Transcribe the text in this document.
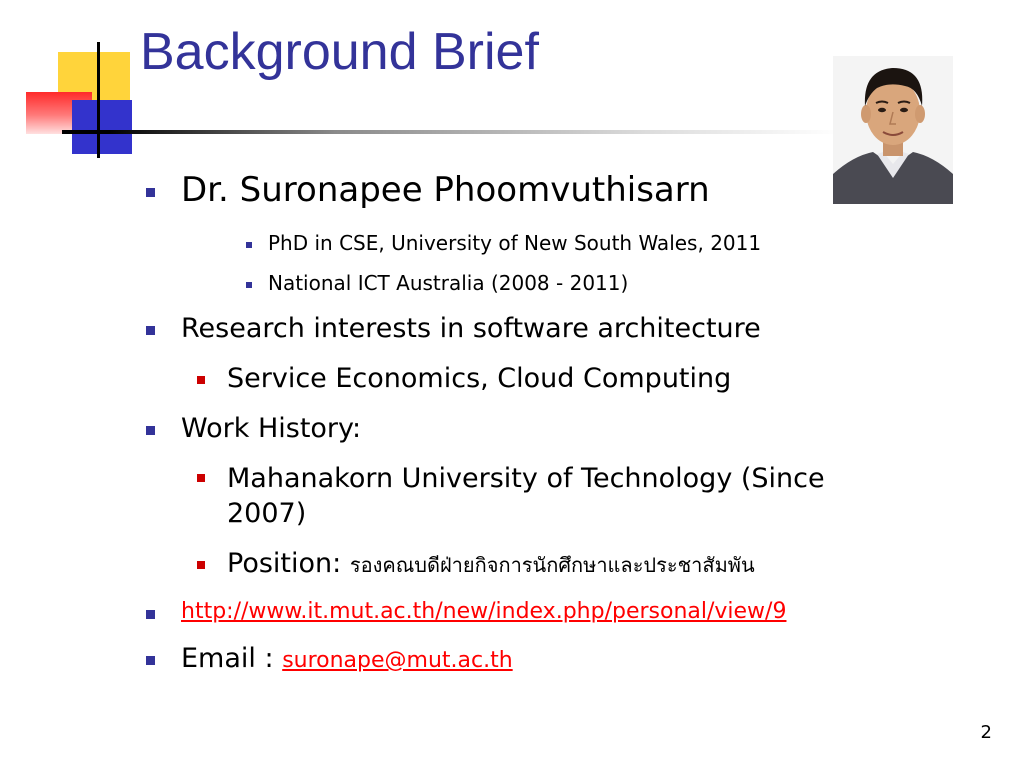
Background Brief
Dr. Suronapee Phoomvuthisarn
PhD in CSE, University of New South Wales, 2011
National ICT Australia (2008 - 2011)
Research interests in software architecture
Service Economics, Cloud Computing
Work History:
Mahanakorn University of Technology (Since
2007)
Position: รองคณบดีฝ่ายกิจการนักศึกษาและประชาสัมพัน
http://www.it.mut.ac.th/new/index.php/personal/view/9
Email : suronape@mut.ac.th
2
